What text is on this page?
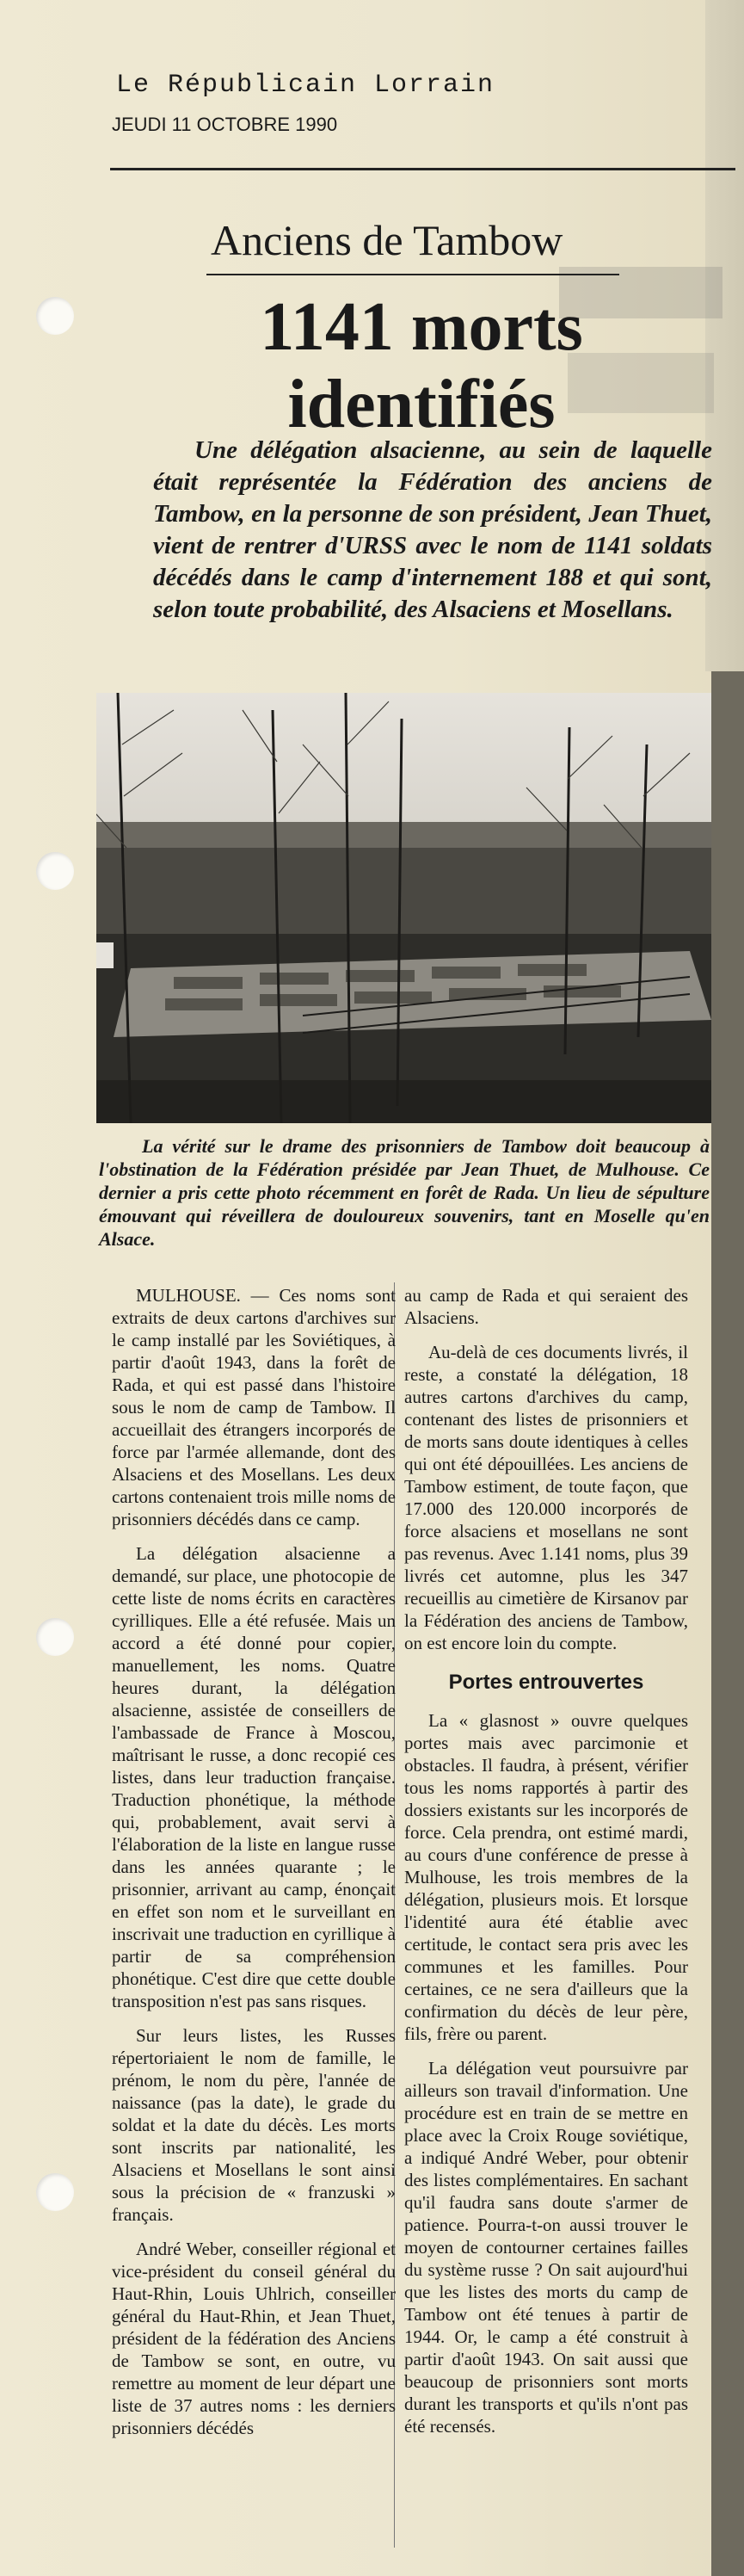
Le Républicain Lorrain
JEUDI 11 OCTOBRE 1990
Anciens de Tambow
1141 morts
identifiés
Une délégation alsacienne, au sein de laquelle était représentée la Fédération des anciens de Tambow, en la personne de son président, Jean Thuet, vient de rentrer d'URSS avec le nom de 1141 soldats décédés dans le camp d'internement 188 et qui sont, selon toute probabilité, des Alsaciens et Mosellans.
La vérité sur le drame des prisonniers de Tambow doit beaucoup à l'obstination de la Fédération présidée par Jean Thuet, de Mulhouse. Ce dernier a pris cette photo récemment en forêt de Rada. Un lieu de sépulture émouvant qui réveillera de douloureux souvenirs, tant en Moselle qu'en Alsace.

MULHOUSE. — Ces noms sont extraits de deux cartons d'archives sur le camp installé par les Soviétiques, à partir d'août 1943, dans la forêt de Rada, et qui est passé dans l'histoire sous le nom de camp de Tambow. Il accueillait des étrangers incorporés de force par l'armée allemande, dont des Alsaciens et des Mosellans. Les deux cartons contenaient trois mille noms de prisonniers décédés dans ce camp.

La délégation alsacienne a demandé, sur place, une photocopie de cette liste de noms écrits en caractères cyrilliques. Elle a été refusée. Mais un accord a été donné pour copier, manuellement, les noms. Quatre heures durant, la délégation alsacienne, assistée de conseillers de l'ambassade de France à Moscou, maîtrisant le russe, a donc recopié ces listes, dans leur traduction française. Traduction phonétique, la méthode qui, probablement, avait servi à l'élaboration de la liste en langue russe dans les années quarante ; le prisonnier, arrivant au camp, énonçait en effet son nom et le surveillant en inscrivait une traduction en cyrillique à partir de sa compréhension phonétique. C'est dire que cette double transposition n'est pas sans risques.

Sur leurs listes, les Russes répertoriaient le nom de famille, le prénom, le nom du père, l'année de naissance (pas la date), le grade du soldat et la date du décès. Les morts sont inscrits par nationalité, les Alsaciens et Mosellans le sont ainsi sous la précision de « franzuski » français.

André Weber, conseiller régional et vice-président du conseil général du Haut-Rhin, Louis Uhlrich, conseiller général du Haut-Rhin, et Jean Thuet, président de la fédération des Anciens de Tambow se sont, en outre, vu remettre au moment de leur départ une liste de 37 autres noms : les derniers prisonniers décédés

au camp de Rada et qui seraient des Alsaciens.

Au-delà de ces documents livrés, il reste, a constaté la délégation, 18 autres cartons d'archives du camp, contenant des listes de prisonniers et de morts sans doute identiques à celles qui ont été dépouillées. Les anciens de Tambow estiment, de toute façon, que 17.000 des 120.000 incorporés de force alsaciens et mosellans ne sont pas revenus. Avec 1.141 noms, plus 39 livrés cet automne, plus les 347 recueillis au cimetière de Kirsanov par la Fédération des anciens de Tambow, on est encore loin du compte.

Portes entrouvertes

La « glasnost » ouvre quelques portes mais avec parcimonie et obstacles. Il faudra, à présent, vérifier tous les noms rapportés à partir des dossiers existants sur les incorporés de force. Cela prendra, ont estimé mardi, au cours d'une conférence de presse à Mulhouse, les trois membres de la délégation, plusieurs mois. Et lorsque l'identité aura été établie avec certitude, le contact sera pris avec les communes et les familles. Pour certaines, ce ne sera d'ailleurs que la confirmation du décès de leur père, fils, frère ou parent.

La délégation veut poursuivre par ailleurs son travail d'information. Une procédure est en train de se mettre en place avec la Croix Rouge soviétique, a indiqué André Weber, pour obtenir des listes complémentaires. En sachant qu'il faudra sans doute s'armer de patience. Pourra-t-on aussi trouver le moyen de contourner certaines failles du système russe ? On sait aujourd'hui que les listes des morts du camp de Tambow ont été tenues à partir de 1944. Or, le camp a été construit à partir d'août 1943. On sait aussi que beaucoup de prisonniers sont morts durant les transports et qu'ils n'ont pas été recensés.
